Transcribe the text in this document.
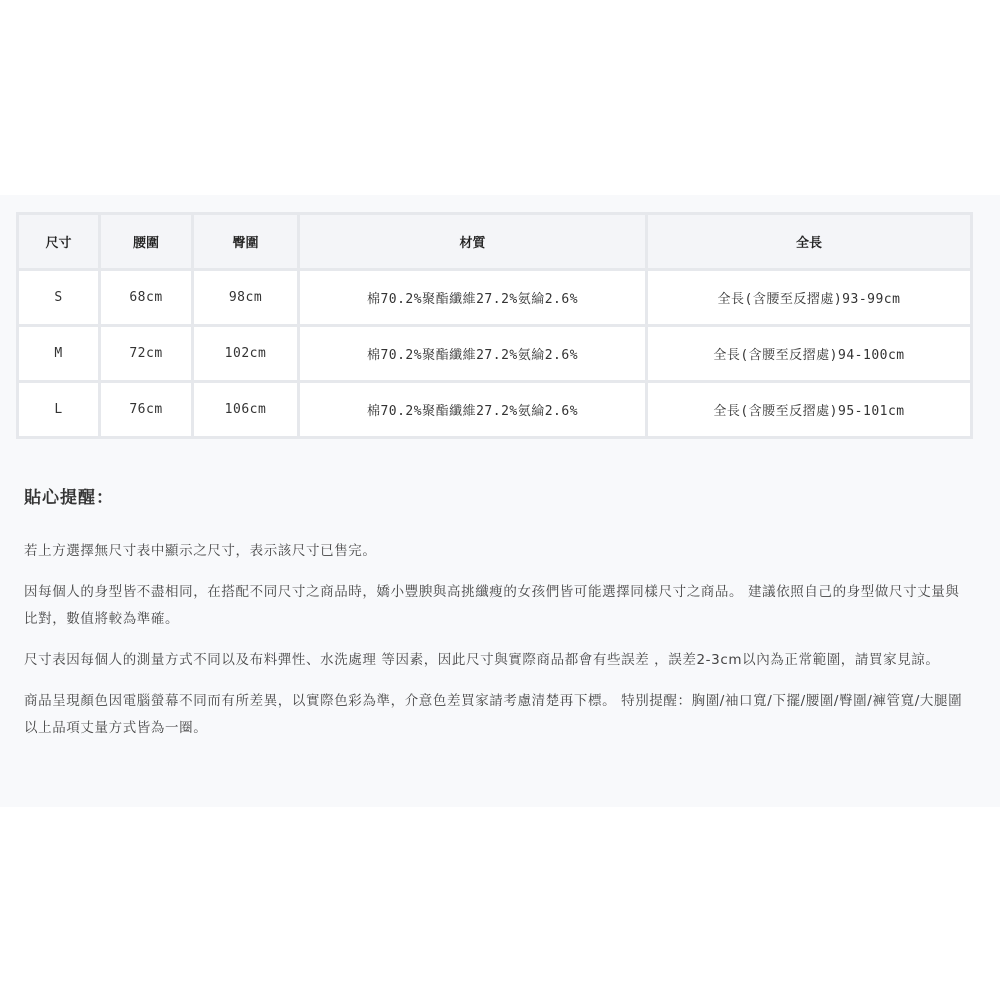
尺寸	腰圍	臀圍	材質	全長
S	68cm	98cm	棉70.2%聚酯纖維27.2%氨綸2.6%	全長(含腰至反摺處)93-99cm
M	72cm	102cm	棉70.2%聚酯纖維27.2%氨綸2.6%	全長(含腰至反摺處)94-100cm
L	76cm	106cm	棉70.2%聚酯纖維27.2%氨綸2.6%	全長(含腰至反摺處)95-101cm
貼心提醒：

若上方選擇無尺寸表中顯示之尺寸，表示該尺寸已售完。

因每個人的身型皆不盡相同，在搭配不同尺寸之商品時，嬌小豐腴與高挑纖瘦的女孩們皆可能選擇同樣尺寸之商品。 建議依照自己的身型做尺寸丈量與比對，數值將較為準確。

尺寸表因每個人的測量方式不同以及布料彈性、水洗處理 等因素，因此尺寸與實際商品都會有些誤差 ，誤差2-3cm以內為正常範圍，請買家見諒。

商品呈現顏色因電腦螢幕不同而有所差異，以實際色彩為準，介意色差買家請考慮清楚再下標。 特別提醒：胸圍/袖口寬/下擺/腰圍/臀圍/褲管寬/大腿圍 以上品項丈量方式皆為一圈。
